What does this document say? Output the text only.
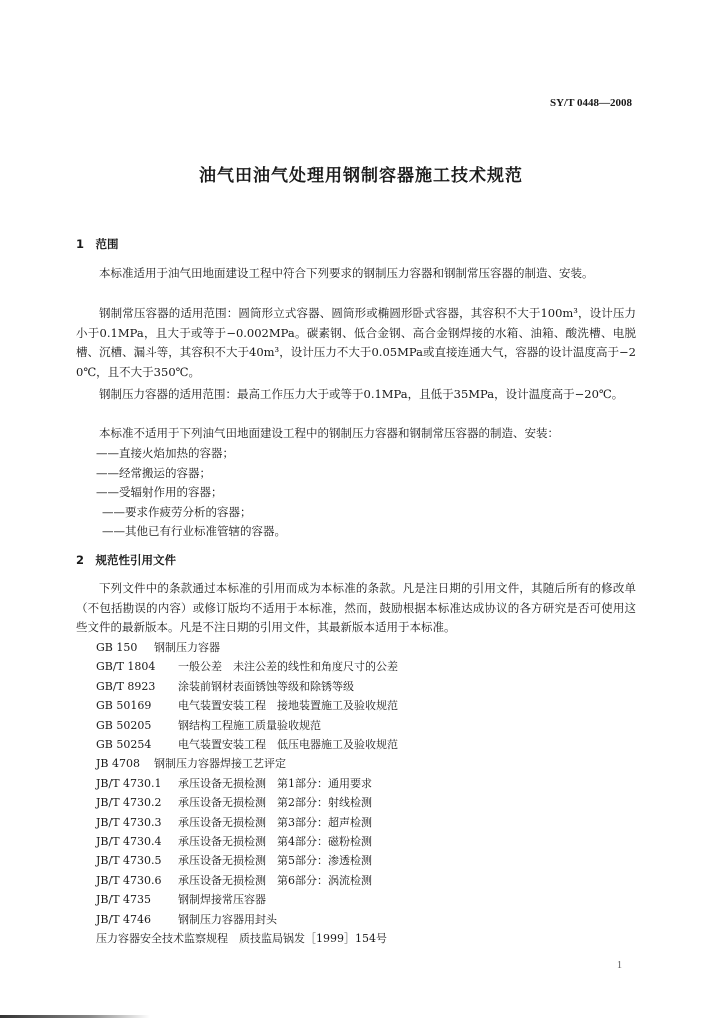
SY/T 0448—2008
油气田油气处理用钢制容器施工技术规范
1　范围

本标准适用于油气田地面建设工程中符合下列要求的钢制压力容器和钢制常压容器的制造、安装。

钢制常压容器的适用范围：圆筒形立式容器、圆筒形或椭圆形卧式容器，其容积不大于100m³，设计压力小于0.1MPa，且大于或等于−0.002MPa。碳素钢、低合金钢、高合金钢焊接的水箱、油箱、酸洗槽、电脱槽、沉槽、漏斗等，其容积不大于40m³，设计压力不大于0.05MPa或直接连通大气，容器的设计温度高于−20℃，且不大于350℃。

钢制压力容器的适用范围：最高工作压力大于或等于0.1MPa，且低于35MPa，设计温度高于−20℃。

本标准不适用于下列油气田地面建设工程中的钢制压力容器和钢制常压容器的制造、安装：

——直接火焰加热的容器；
——经常搬运的容器；
——受辐射作用的容器；
——要求作疲劳分析的容器；
——其他已有行业标准管辖的容器。
2　规范性引用文件

下列文件中的条款通过本标准的引用而成为本标准的条款。凡是注日期的引用文件，其随后所有的修改单（不包括勘误的内容）或修订版均不适用于本标准，然而，鼓励根据本标准达成协议的各方研究是否可使用这些文件的最新版本。凡是不注日期的引用文件，其最新版本适用于本标准。

GB 150 钢制压力容器
GB/T 1804 一般公差　未注公差的线性和角度尺寸的公差
GB/T 8923 涂装前钢材表面锈蚀等级和除锈等级
GB 50169 电气装置安装工程　接地装置施工及验收规范
GB 50205 钢结构工程施工质量验收规范
GB 50254 电气装置安装工程　低压电器施工及验收规范
JB 4708 钢制压力容器焊接工艺评定
JB/T 4730.1 承压设备无损检测　第1部分：通用要求
JB/T 4730.2 承压设备无损检测　第2部分：射线检测
JB/T 4730.3 承压设备无损检测　第3部分：超声检测
JB/T 4730.4 承压设备无损检测　第4部分：磁粉检测
JB/T 4730.5 承压设备无损检测　第5部分：渗透检测
JB/T 4730.6 承压设备无损检测　第6部分：涡流检测
JB/T 4735 钢制焊接常压容器
JB/T 4746 钢制压力容器用封头
压力容器安全技术监察规程　质技监局锅发［1999］154号
1
